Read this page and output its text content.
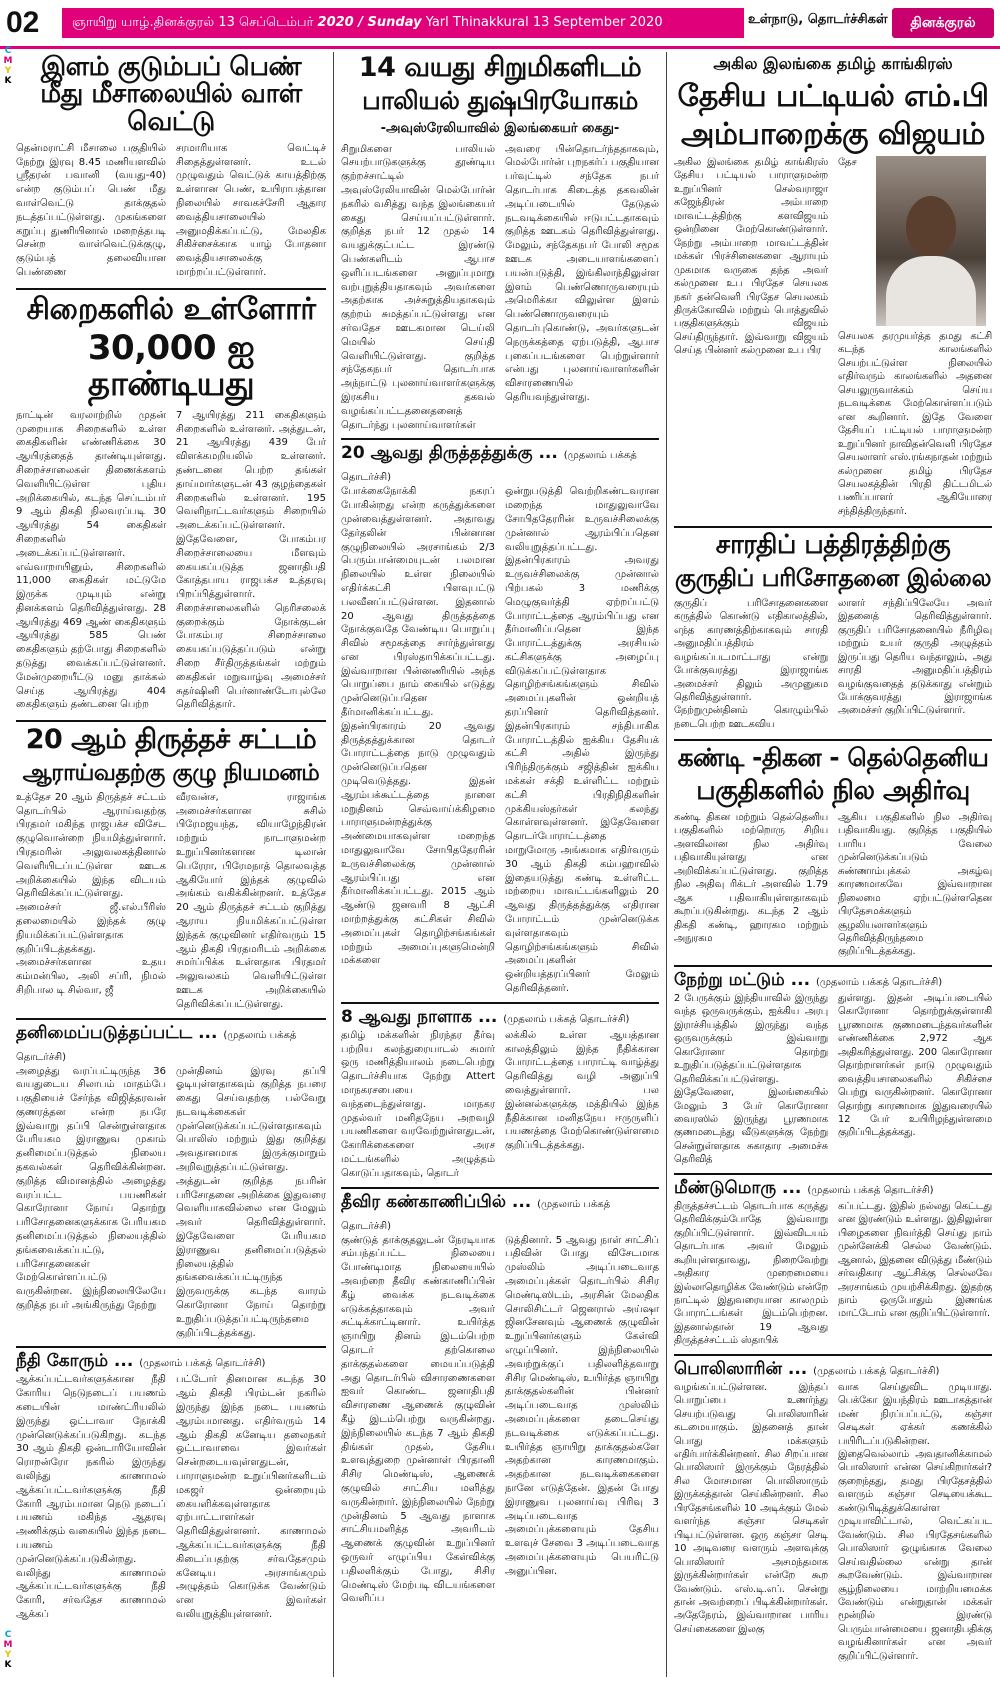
02	ஞாயிறு யாழ்.தினக்குரல் 13 செப்டெம்பர் 2020 / Sunday Yarl Thinakkural 13 September 2020	உள்நாடு, தொடர்ச்சிகள்	தினக்குரல்
C
M
Y
K
C
M
Y
K
இளம் குடும்பப் பெண் மீது மீசாலையில் வாள் வெட்டு

தென்மராட்சி மீசாலை பகுதியில் நேற்று இரவு 8.45 மணியளவில் ஸ்ரீதரன் பவானி (வயது-40) என்ற குடும்பப் பெண் மீது வாள்வெட்டு தாக்குதல் நடத்தப்பட்டுள்ளது. முகங்களை கறுப்பு துணியினால் மறைத்தபடி சென்ற வாள்வெட்டுக்குழு, குடும்பத் தலைவியான பெண்ணை

சரமாரியாக வெட்டிச் சிதைத்துள்ளனர். உடல் முழுவதும் வெட்டுக் காயத்திற்கு உள்ளான பெண், உயிராபத்தான நிலையில் சாவகச்சேரி ஆதார வைத்தியசாலையில் அனுமதிக்கப்பட்டு, மேலதிக சிகிச்சைக்காக யாழ் போதனா வைத்தியசாலைக்கு மாற்றப்பட்டுள்ளார்.

சிறைகளில் உள்ளோர்
30,000 ஐ தாண்டியது

நாட்டின் வரலாற்றில் முதன் முறையாக சிறைகளில் உள்ள கைதிகளின் எண்ணிக்கை 30 ஆயிரத்தைத் தாண்டியுள்ளது. சிறைச்சாலைகள் திணைக்களம் வெளியிட்டுள்ள புதிய அறிக்கையில், கடந்த செப்டம்பர் 9 ஆம் திகதி நிலவரப்படி 30 ஆயிரத்து 54 கைதிகள் சிறைகளில் அடைக்கப்பட்டுள்ளனர். எவ்வாறாயினும், சிறைகளில் 11,000 கைதிகள் மட்டுமே இருக்க முடியும் என்று தினக்களம் தெரிவித்துள்ளது. 28 ஆயிரத்து 469 ஆண் கைதிகளும் ஆயிரத்து 585 பெண் கைதிகளும் தற்போது சிறைகளில் தடுத்து வைக்கப்பட்டுள்ளனர். மேன்முறையீட்டு மனு தாக்கல் செய்த ஆயிரத்து 404 கைதிகளும் தண்டனை பெற்ற

7 ஆயிரத்து 211 கைதிகளும் சிறைகளில் உள்ளனர். அத்துடன், 21 ஆயிரத்து 439 பேர் விளக்கமறியலில் உள்ளனர். தண்டனை பெற்ற தங்கள் தாய்மார்களுடன் 43 குழந்தைகள் சிறைகளில் உள்ளனர். 195 வெளிநாட்டவர்களும் சிறையில் அடைக்கப்பட்டுள்ளனர். இதேவேளை, போகம்பர சிறைச்சாலையை மீளவும் கையகப்படுத்த ஜனாதிபதி கோத்தபாய ராஜபக்ச உத்தரவு பிறப்பித்துள்ளார். சிறைச்சாலைகளில் நெரிசலைக் குறைக்கும் நோக்குடன் போகம்பர சிறைச்சாலை கையகப்படுத்தப்படும் என்று சிறை சீர்திருத்தங்கள் மற்றும் கைதிகள் மறுவாழ்வு அமைச்சர் சுதர்ஷினி பெர்னாண்டோபுல்லே தெரிவித்தார்.

20 ஆம் திருத்தச் சட்டம்
ஆராய்வதற்கு குழு நியமனம்

உத்தேச 20 ஆம் திருத்தச் சட்டம் தொடர்பில் ஆராய்வதற்கு பிரதமர் மகிந்த ராஜபக்ச விசேட குழுவொன்றை நியமித்துள்ளார். பிரதமரின் அலுவலகத்தினால் வெளியிடப்பட்டுள்ள ஊடக அறிக்கையில் இந்த விடயம் தெரிவிக்கப்பட்டுள்ளது. அமைச்சர் ஜீ.எல்.பீரிஸ் தலைமையில் இந்தக் குழு நியமிக்கப்பட்டுள்ளதாக குறிப்பிடத்தக்கது. அமைச்சர்களான உதய கம்மன்பில, அலி சப்ரி, நிமல் சிறிபால டி சில்வா, ஜீ

வீரவன்ச, ராஜாங்க அமைச்சர்களான சுசில் பிரேமஜயந்த, வியாழேந்திரன் மற்றும் நாடாளுமன்ற உறுப்பினர்களான டிலான் பெரேரா, பிரேமநாத் தொலவத்த ஆகியோர் இந்தக் குழுவில் அங்கம் வகிக்கின்றனர். உத்தேச 20 ஆம் திருத்தச் சட்டம் குறித்து ஆராய நியமிக்கப்பட்டுள்ள இந்தக் குழுவினர் எதிர்வரும் 15 ஆம் திகதி பிரதமரிடம் அறிக்கை சமர்ப்பிக்க உள்ளதாக பிரதமர் அலுவலகம் வெளியிட்டுள்ள ஊடக அறிக்கையில் தெரிவிக்கப்பட்டுள்ளது.

தனிமைப்படுத்தப்பட்ட ... (முதலாம் பக்கத் தொடர்ச்சி)

அழைத்து வரப்பட்டிருந்த 36 வயதுடைய சிலாபம் மாதம்பே பகுதியைச் சேர்ந்த விஜித்தரவன் குணரத்தன என்ற நபரே இவ்வாறு தப்பி சென்றுள்ளதாக பேரியகம இராணுவ முகாம் தனிமைப்படுத்தல் நிலைய தகவல்கள் தெரிவிக்கின்றன. குறித்த விமானத்தில் அழைத்து வரப்பட்ட பயணிகள் கொரோனா நோய் தொற்று பரிசோதனைகளுக்காக பேரியகம தனிமைப்படுத்தல் நிலையத்தில் தங்கவைக்கப்பட்டு, பரிசோதனைகள் மேற்கொள்ளப்பட்டு வருகின்றன. இந்நிலையிலேயே குறித்த நபர் அங்கிருந்து நேற்று

முன்தினம் இரவு தப்பி ஓடியுள்ளதாகவும் குறித்த நபரை கைது செய்வதற்கு பல்வேறு நடவடிக்கைகள் முன்னெடுக்கப்பட்டுள்ளதாகவும் பொலிஸ் மற்றும் இது குறித்து அவதானமாக இருக்குமாறும் அறிவுறுத்தப்பட்டுள்ளது. அத்துடன் குறித்த நபரின் பரிசோதனை அறிக்கை இதுவரை வெளியாகவில்லை என மேலும் அவர் தெரிவித்துள்ளார். இதேவேளை பேரியகம இராணுவ தனிமைப்படுத்தல் நிலையத்தில் தங்கவைக்கப்பட்டிருந்த இருவருக்கு கடந்த வாரம் கொரோனா நோய் தொற்று உறுதிப்படுத்தப்பட்டிருந்தமை குறிப்பிடத்தக்கது.

நீதி கோரும் ... (முதலாம் பக்கத் தொடர்ச்சி)

ஆக்கப்பட்டவர்களுக்கான நீதி கோரிய நெடுநடைப் பயணம் கடையின் மாண்ட்ரியலில் இருந்து ஒட்டாவா நோக்கி முன்னெடுக்கப்படுகிறது. கடந்த 30 ஆம் திகதி ஒன்டாரியோவின் ரொறன்ரோ நகரில் இருந்து வலிந்து காணாமல் ஆக்கப்பட்டவர்களுக்கு நீதி கோரி ஆரம்பமான நெடு நடைப் பயணம் மகிந்த ஆதரவு அணிக்கும் வகையில் இந்த நடை பயணம் முன்னெடுக்கப்படுகின்றது. வலிந்து காணாமல் ஆக்கப்பட்டவர்களுக்கு நீதி கோரி, சர்வதேச காணாமல் ஆக்கப்

பட்டோர் தினமான கடந்த 30 ஆம் திகதி பிரம்டன் நகரில் இருந்து இந்த நடை பயணம் ஆரம்பமானது. எதிர்வரும் 14 ஆம் திகதி கனேடிய தலைநகர் ஒட்டாவாவை இவர்கள் சென்றடையவுள்ளதுடன், பாராளுமன்ற உறுப்பினர்களிடம் மகஜர் ஒன்றையும் கையளிக்கவுள்ளதாக ஏற்பாட்டாளர்கள் தெரிவித்துள்ளனர். காணாமல் ஆக்கப்பட்டவர்களுக்கு நீதி கிடைப்பதற்கு சர்வதேசமும் கனேடிய அரசாங்கமும் அழுத்தம் கொடுக்க வேண்டும் என இவர்கள் வலியுறுத்தியுள்ளனர்.

14 வயது சிறுமிகளிடம்
பாலியல் துஷ்பிரயோகம்
-அவுஸ்ரேலியாவில் இலங்கையர் கைது-

சிறுமிகளை பாலியல் செயற்பாடுகளுக்கு தூண்டிய குற்றச்சாட்டில் அவுஸ்ரேலியாவின் மெல்போர்ன் நகரில் வசித்து வந்த இலங்கையர் கைது செய்யப்பட்டுள்ளார். குறித்த நபர் 12 முதல் 14 வயதுக்குட்பட்ட இரண்டு பெண்களிடம் ஆபாச ஒளிப்படங்களை அனுப்புமாறு வற்புறுத்தியதாகவும் அவர்களை அதற்காக அச்சுறுத்தியதாகவும் குற்றம் சுமத்தப்பட்டுள்ளது என சர்வதேச ஊடகமான டெய்லி மெயில் செய்தி வெளியிட்டுள்ளது. குறித்த சந்தேகநபர் தொடர்பாக அந்நாட்டு புலனாய்வாளர்களுக்கு இரகசிய தகவல் வழங்கப்பட்டதனைதனைத் தொடர்ந்து புலனாய்வாளர்கள்

அவரை பின்தொடர்ந்ததாகவும், மெல்போர்ன் புறநகர்ப் பகுதியான பர்வுட்டில் சந்தேக நபர் தொடர்பாக கிடைத்த தகவலின் அடிப்படையில் தேடுதல் நடவடிக்கையில் ஈடுபட்டதாகவும் குறித்த ஊடகம் தெரிவித்துள்ளது. மேலும், சந்தேகநபர் போலி சமூக ஊடக அடையாளங்களைப் பயன்படுத்தி, இங்கிலாந்திலுள்ள இளம் பெண்ணொருவரையும் அமெரிக்கா விலுள்ள இளம் பெண்ணொருவரையும் தொடர்புகொண்டு, அவர்களுடன் நெருக்கத்தை ஏற்படுத்தி, ஆபாச புகைப்படங்களை பெற்றுள்ளார் என்பது புலனாய்வாளர்களின் விசாரணையில் தெரியவந்துள்ளது.

20 ஆவது திருத்தத்துக்கு ... (முதலாம் பக்கத் தொடர்ச்சி)

போக்கைநோக்கி நகரப் போகின்றது என்ற கருத்துக்களை முன்வைத்துள்ளனர். அதாவது தேர்தலின் பின்னான குழுநிலையில் அரசாங்கம் 2/3 பெரும்பான்மையுடன் பலமான நிலையில் உள்ள நிலையில் எதிர்க்கட்சி பிளவுபட்டு பலவீனப்பட்டுள்ளன. இதனால் 20 ஆவது திருத்தத்தை நோக்குவதே வேண்டிய பொறுப்பு சிவில் சமூகத்தை சார்ந்துள்ளது என பிரஸ்தாபிக்கப்பட்டது. இவ்வாறான பின்னணியில் அந்த பொறுப்பை நாம் கையில் எடுத்து முன்னெடுப்பதென தீர்மானிக்கப்பட்டது. இதன்பிரகாரம் 20 ஆவது திருத்தத்துக்கான தொடர் போராட்டத்தை நாடு முழுவதும் முன்னெடுப்பதென முடிவெடுத்தது. இதன் ஆரம்பக்கூட்டத்தை நாளை மறுதினம் செவ்வாய்க்கிழமை பாராளுமன்றத்துக்கு அண்மையாகவுள்ள மறைந்த மாதுலுவாவே சோபிததேரரின் உருவச்சிலைக்கு முன்னால் ஆரம்பிப்பது என தீர்மானிக்கப்பட்டது. 2015 ஆம் ஆண்டு ஜனவரி 8 ஆட்சி மாற்றத்துக்கு கட்சிகள் சிவில் அமைப்புகள் தொழிற்சங்கங்கள் மற்றும் அமைப்புகளுமென்றி மக்களை

ஒன்றுபடுத்தி வெற்றிகண்டவரான மறைந்த மாதுலுவாவே சோபிததேரரின் உருவச்சிலைக்கு முன்னால் ஆரம்பிப்பதென வலியுறுத்தப்பட்டது. இதன்பிரகாரம் அவரது உருவச்சிலைக்கு முன்னால் பிற்பகல் 3 மணிக்கு மெழுகுவர்த்தி ஏற்றப்பட்டு போராட்டத்தை ஆரம்பிப்பது என தீர்மானிப்பதென இந்த போராட்டத்துக்கு அரசியல் கட்சிகளுக்கு அழைப்பு விடுக்கப்பட்டுள்ளதாக தொழிற்சங்கங்களும் சிவில் அமைப்புகளின் ஒன்றியத் தரப்பினர் தெரிவித்தனர். இதன்பிரகாரம் சந்திபாகிக போராட்டத்தில் ஐக்கிய தேசியக் கட்சி அதில் இருந்து பிரிந்திருக்கும் சஜித்தின் ஐக்கிய மக்கள் சக்தி உள்ளிட்ட மற்றும் கட்சி பிரதிநிதிகளின் முக்கியஸ்தர்கள் கலந்து கொள்ளவுள்ளனர். இதேவேளை தொடர்போராட்டத்தை மாறுமோரு அங்கமாக எதிர்வரும் 30 ஆம் திகதி கம்பஹாவில் இதையடுத்து கண்டி உள்ளிட்ட மற்றைய மாவட்டங்களிலும் 20 ஆவது திருத்தத்துக்கு எதிரான போராட்டம் முன்னெடுக்க வுள்ளதாகவும் தொழிற்சங்கங்களும் சிவில் அமைப்புகளின் ஒன்றியத்தரப்பினர் மேலும் தெரிவித்தனர்.

8 ஆவது நாளாக ... (முதலாம் பக்கத் தொடர்ச்சி)

தமிழ் மக்களின் நிரந்தர தீர்வு பற்றிய கலந்துரையாடல் சுமார் ஒரு மணித்தியாலம் நடைபெற்று தொடர்ச்சியாக நேற்று Attert மாநகரசபையை வந்தடைந்துள்ளது. மாநகர முதல்வர் மனிதநேய அறவழி பயணிகளை வரவேற்றுள்ளதுடன், கோரிக்கைகளை அரச மட்டங்களில் அழுத்தம் கொடுப்பதாகவும், தொடர்

லக்கில் உள்ள ஆயத்தான காலத்திலும் இந்த நீதிக்கான போராட்டத்தை பாராட்டி வாழ்த்து தெரிவித்து வழி அனுப்பி வைத்துள்ளார். பல இன்னல்களுக்கு மத்தியில் இந்த நீதிக்கான மனிதநேய ஈருருளிப் பயணத்தை மேற்கொண்டுள்ளமை குறிப்பிடத்தக்கது.

தீவிர கண்காணிப்பில் ... (முதலாம் பக்கத் தொடர்ச்சி)

குண்டுத் தாக்குதலுடன் நேரடியாக சம்பந்தப்பட்ட நிலையை போண்டிமாத நிலையையில் அவற்றை தீவிர கண்காணிப்பின் கீழ் வைக்க நடவடிக்கை எடுக்கத்தாகவும் அவர் சுட்டிக்காட்டினார். உயிர்த்த ஞாயிறு தினம் இடம்பெற்ற தொடர் தற்கொலை தாக்குதல்களை மையப்படுத்தி அது தொடர்பில் விசாரணைகளை ஐவர் கொண்ட ஜனாதிபதி விசாரணை ஆணைக் குழுவின் கீழ் இடம்பெற்று வருகின்றது. இந்நிலையில் கடந்த 7 ஆம் திகதி திங்கள் முதல், தேசிய உளவுத்துறை முன்னாள் பிரதானி சிசிர மெண்டிஸ், ஆணைக் குழுவில் சாட்சிய மளித்து வருகின்றார். இந்நிலையில் நேற்று முன்தினம் 5 ஆவது நாளாக சாட்சியமளித்த அவரிடம் ஆணைக் குழுவின் உறுப்பினர் ஒருவர் எழுப்பிய கேள்விக்கு பதிலளிக்கும் போது, சிசிர மெண்டிஸ் மேற்படி விடயங்களை வெளிப்ப

டுத்தினார். 5 ஆவது நாள் சாட்சிப் பதிவின் போது விசேடமாக முஸ்லிம் அடிப்படைவாத அமைப்புக்கள் தொடர்பில் சிசிர மெண்டிஸிடம், அரசின் மேலதிக சொலிசிட்டர் ஜெனரால் அய்ஷா ஜினசேனவும் ஆணைக் குழுவின் உறுப்பினர்களும் கேள்வி எழுப்பினர். இந்நிலையில் அவற்றுக்குப் பதிலளித்தவாறு சிசிர மெண்டிஸ், உயிர்த்த ஞாயிறு தாக்குதல்களின் பின்னர் அடிப்படைவாத முஸ்லிம் அமைப்புக்களை தடைசெய்து நடவடிக்கை எடுக்கப்பட்டது. உயிர்த்த ஞாயிறு தாக்குதல்களே அதற்கான காரணமாகும். அதற்கான நடவடிக்கைகளை நானே எடுத்தேன். இதன் போது இராணுவ புலனாய்வு பிரிவு 3 அடிப்படைவாத அமைப்புக்களையும் தேசிய உளவுச் சேவை 3 அடிப்படைவாத அமைப்புக்களையும் பெயரிட்டு அனுப்பின.

அகில இலங்கை தமிழ் காங்கிரஸ்
தேசிய பட்டியல் எம்.பி
அம்பாறைக்கு விஜயம்

அகில இலங்கை தமிழ் காங்கிரஸ் தேசிய பட்டியல் பாராளுமன்ற உறுப்பினர் செல்வராஜா கஜேந்திரன் அம்பாறை மாவட்டத்திற்கு களவிஜயம் ஒன்றினை மேற்கொண்டுள்ளார். நேற்று அம்பாறை மாவட்டத்தின் மக்கள் பிரச்சினைகளை ஆராயும் முகமாக வருகை தந்த அவர் கல்முனை உப பிரதேச செயலக நகர் தன்வெளி பிரதேச செயலகம் திருக்கோவில் மற்றும் பொத்துவில் பகுதிகளுக்கும் விஜயம் செய்திருந்தார். இவ்வாறு விஜயம் செய்த பின்னர் கல்முனை உப பிர

தேச செயலக தரமுயர்த்த தமது கட்சி கடந்த காலங்களில் செயற்பட்டுள்ள நிலையில் எதிர்வரும் காலங்களில் அதனை செயலுருவாக்கம் செய்ய நடவடிக்கை மேற்கொள்ளப்படும் என கூறினார். இதே வேளை தேசியப் பட்டியல் பாராளுமன்ற உறுப்பினர் நாவிதன்வெளி பிரதேச செயலாளர் எஸ்.ரங்கநாதன் மற்றும் கல்முனை தமிழ் பிரதேச செயலகத்தின் பிரதி திட்டமிடல் பணிப்பாளர் ஆகியோரை சந்தித்திருந்தார்.

சாரதிப் பத்திரத்திற்கு
குருதிப் பரிசோதனை இல்லை

குருதிப் பரிசோதனைகளை கருத்தில் கொண்டு எதிகாலத்தில், எந்த காரணத்திற்காகவும் சாரதி அனுமதிப்பத்திரம் வழங்கப்படமாட்டாது என்று போக்குவரத்து இராஜாங்க அமைச்சர் திலும் அமுனுகம தெரிவித்துள்ளார். நேற்றுமுன்தினம் கொழும்பில் நடைபெற்ற ஊடகவிய

லாளர் சந்திப்பிலேயே அவர் இதனைத் தெரிவித்துள்ளார். குருதிப் பரிசோதனையில் நீரிழிவு மற்றும் உயர் குருதி அழுத்தம் இருப்பது தெரிய வந்தாலும், அது சாரதி அனுமதிப்பத்திரம் வழங்குவதைத் தடுக்காது என்றும் போக்குவரத்து இராஜாங்க அமைச்சர் குறிப்பிட்டுள்ளார்.

கண்டி -திகன - தெல்தெனிய
பகுதிகளில் நில அதிர்வு

கண்டி திகன மற்றும் தெல்தெனிய பகுதிகளில் மற்றொரு சிறிய அளவிலான நில அதிர்வு பதிவாகியுள்ளது என அறிவிக்கப்பட்டுள்ளது. குறித்த நில அதிவு ரிக்டர் அளவில் 1.79 ஆக பதிவாகியுள்ளதாகவும் கூறப்படுகின்றது. கடந்த 2 ஆம் திகதி கண்டி, ஹாரகம மற்றும் அநுரகம

ஆகிய பகுதிகளில் நில அதிர்வு பதிவாகியது. குறித்த பகுதியில் பாரிய வேலை முன்னெடுக்கப்படும் சுண்ணாம்புக்கல் அகழ்வு காரணமாகவே இவ்வாறான நிலைமை ஏற்பட்டுள்ளதென பிரதேசமக்களும் சூழலியலாளர்களும் தெரிவித்திருந்தமை குறிப்பிடத்தக்கது.

நேற்று மட்டும் ... (முதலாம் பக்கத் தொடர்ச்சி)

2 பேருக்கும் இந்தியாவில் இருந்து வந்த ஒருவருக்கும், ஐக்கிய அரபு இராச்சியத்தில் இருந்து வந்த ஒருவருக்கும் இவ்வாறு கொரோனா தொற்று உறுதிப்படுத்தப்பட்டுள்ளதாக தெரிவிக்கப்பட்டுள்ளது. இதேவேளை, இலங்கையில் மேலும் 3 பேர் கொரோனா வைரஸில் இருந்து பூரணமாக குணமடைந்து வீடுகளுக்கு நேற்று சென்றுள்ளதாக சுகாதார அமைச்சு தெரிவித்

துள்ளது. இதன் அடிப்படையில் கொரோனா தொற்றுக்குள்ளாகி பூரணமாக குணமடைந்தவர்களின் எண்ணிக்கை 2,972 ஆக அதிகரித்துள்ளது. 200 கொரோனா தொற்றாளர்கள் நாடு முழுவதும் வைத்தியசாலைகளில் சிகிச்சை பெற்று வருகின்றனர். கொரோனா தொற்று காரணமாக இதுவரையில் 12 பேர் உயிரிழந்துள்ளமை குறிப்பிடத்தக்கது.

மீண்டுமொரு ... (முதலாம் பக்கத் தொடர்ச்சி)

திருத்தச்சட்டம் தொடர்பாக கருத்து தெரிவிக்கும்போதே இவ்வாறு குறிப்பிட்டுள்ளார். இவ்விடயம் தொடர்பாக அவர் மேலும் கூறியுள்ளதாவது, நிறைவேற்று அதிகார முறைமையை இல்லாதொழிக்க வேண்டும் என்றே நாட்டில் இதுவரையான காலமும் போராட்டங்கள் இடம்பெற்றன. இதனால்தான் 19 ஆவது திருத்தச்சட்டம் ஸ்தாபிக்

கப்பட்டது. இதில் நல்லது கெட்டது என இரண்டும் உள்ளது. இதிலுள்ள பிழைகளை நிவர்த்தி செய்து நாம் முன்னேக்கி செல்ல வேண்டும். ஆனால், இதனை விடுத்து மீண்டும் சர்வதிகார ஆட்சிக்கு செல்லவே அரசாங்கம் முயற்சிக்கிறது. இதற்கு நாம் ஒருபோதும் இணங்க மாட்டோம் என குறிப்பிட்டுள்ளார்.

பொலிஸாரின் ... (முதலாம் பக்கத் தொடர்ச்சி)

வழங்கப்பட்டுள்ளன. இந்தப் பொறுப்பை உணர்ந்து செயற்படுவது பொலிஸாரின் கடமையாகும். இதனைத் தான் பொது மக்களும் எதிர்பார்க்கின்றனர். சில சிறப்பான பொலிஸார் இருக்கும் நேரத்தில் சில மோசமான பொலிஸாரும் இருக்கத்தான் செய்கின்றனர். சில பிரதேசங்களில் 10 அடிக்கும் மேல் வளர்ந்த கஞ்சா செடிகள் பிடிபட்டுள்ளன. ஒரு கஞ்சா செடி 10 அடிவரை வளரும் அளவுக்கு பொலிஸார் அசமந்தமாக இருக்கின்றார்கள் என்றே கூற வேண்டும். எஸ்.டி.எப். சென்று தான் அவற்றைப் பிடிக்கின்றார்கள். அதேநேரம், இவ்வாறான பாரிய செய்கைகளை இலகு

வாக செய்துவிட முடியாது. பெக்கோ இயந்திரம் ஊடாகத்தான் மண் நிரப்பப்பட்டு, கஞ்சா செடிகள் ஏக்கர் கணக்கில் பயிரிடப்படுகின்றன. இதைவெல்லாம் அவதானிக்காமல் பொலிஸார் என்ன செய்கிறார்கள்? குறைந்தது, தமது பிரதேசத்தில் வளரும் கஞ்சா செடியைக்கூட கண்டுபிடித்துக்கொள்ள முடியாவிட்டால், வெட்கப்பட வேண்டும். சில பிரதேசங்களில் பொலிஸார் ஒழுங்காக வேலை செய்வதில்லை என்று தான் கூறவேண்டும். இவ்வாறான சூழ்நிலையை மாற்றியமைக்க வேண்டும் என்றுதான் மக்கள் மூன்றில் இரண்டு பெரும்பான்மையை ஜனாதிபதிக்கு வழங்கினார்கள் என அவர் குறிப்பிட்டுள்ளார்.
